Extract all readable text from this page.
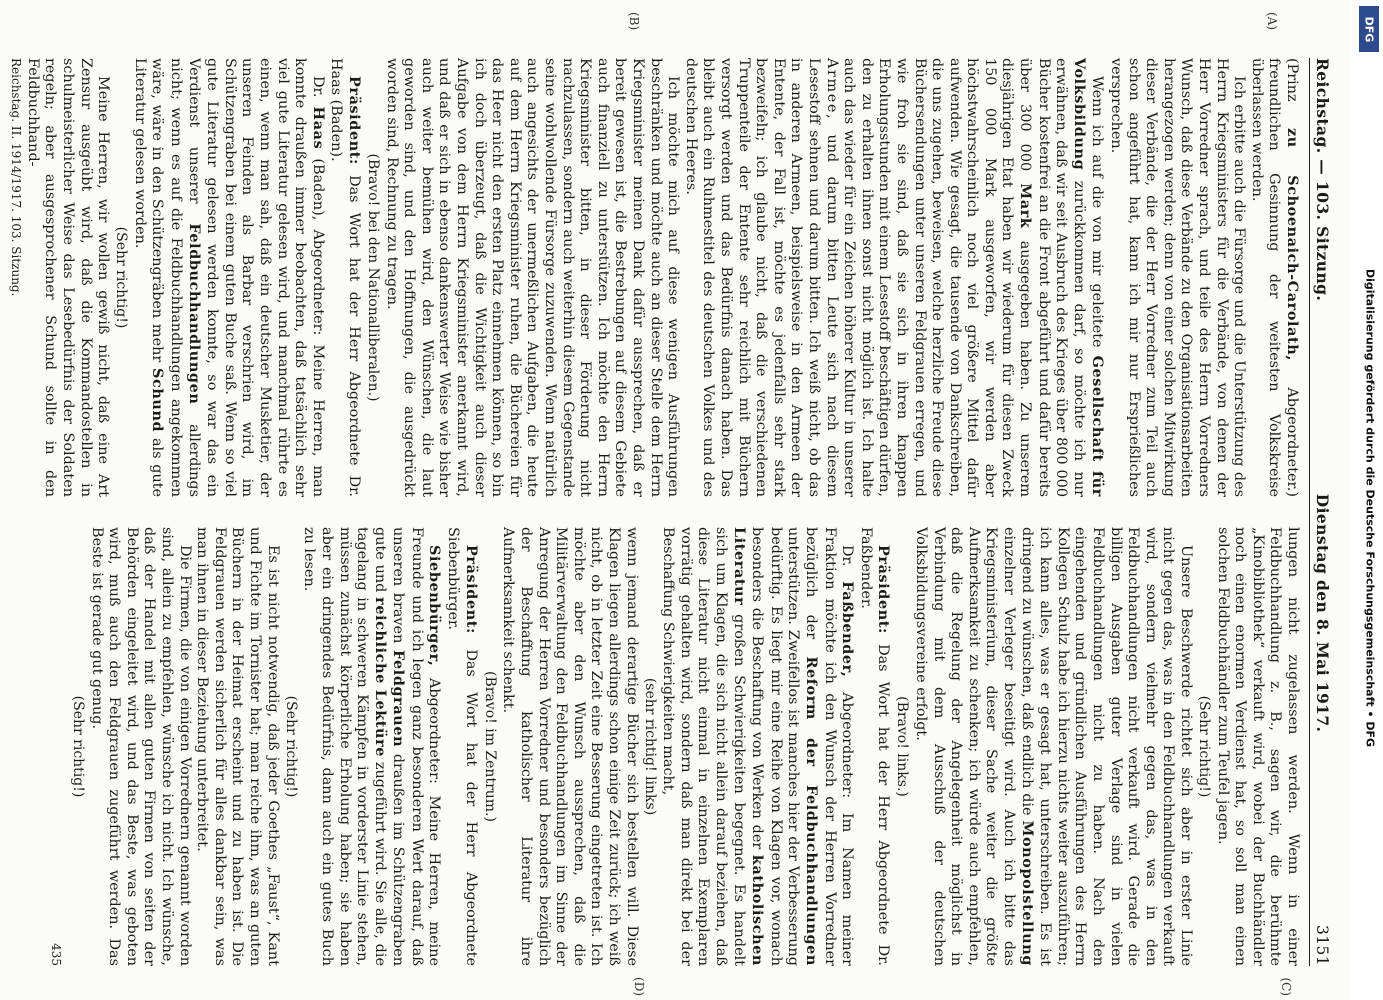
Reichstag. — 103. Sitzung.
Dienstag den 8. Mai 1917.
3151
(A)
(B)

(Prinz zu Schoenaich-Carolath, Abgeordneter.) freundlichen Gesinnung der weitesten Volkskreise überlassen werden.

Ich erbitte auch die Fürsorge und die Unterstützung des Herrn Kriegsministers für die Verbände, von denen der Herr Vorredner sprach, und teile des Herrn Vorredners Wunsch, daß diese Verbände zu den Organisationsarbeiten herangezogen werden; denn von einer solchen Mitwirkung dieser Verbände, die der Herr Vorredner zum Teil auch schon angeführt hat, kann ich mir nur Ersprießliches versprechen.

Wenn ich auf die von mir geleitete Gesellschaft für Volksbildung zurückkommen darf, so möchte ich nur erwähnen, daß wir seit Ausbruch des Krieges über 800 000 Bücher kostenfrei an die Front abgeführt und dafür bereits über 300 000 Mark ausgegeben haben. Zu unserem diesjährigen Etat haben wir wiederum für diesen Zweck 150 000 Mark ausgeworfen, wir werden aber höchstwahrscheinlich noch viel größere Mittel dafür aufwenden. Wie gesagt, die tausende von Dankschreiben, die uns zugehen, beweisen, welche herzliche Freude diese Büchersendungen unter unseren Feldgrauen erregen, und wie froh sie sind, daß sie sich in ihren knappen Erholungsstunden mit einem Lesestoff beschäftigen dürfen, den zu erhalten ihnen sonst nicht möglich ist. Ich halte auch das wieder für ein Zeichen höherer Kultur in unserer Armee, und darum bitten Leute sich nach diesem Lesestoff sehnen und darum bitten. Ich weiß nicht, ob das in anderen Armeen, beispielsweise in den Armeen der Entente, der Fall ist, möchte es jedenfalls sehr stark bezweifeln; ich glaube nicht, daß die verschiedenen Truppenteile der Entente sehr reichlich mit Büchern versorgt werden und das Bedürfnis danach haben. Das bleibt auch ein Ruhmestitel des deutschen Volkes und des deutschen Heeres.

Ich möchte mich auf diese wenigen Ausführungen beschränken und möchte auch an dieser Stelle dem Herrn Kriegsminister meinen Dank dafür aussprechen, daß er bereit gewesen ist, die Bestrebungen auf diesem Gebiete auch finanziell zu unterstützen. Ich möchte den Herrn Kriegsminister bitten, in dieser Förderung nicht nachzulassen, sondern auch weiterhin diesem Gegenstande seine wohlwollende Fürsorge zuzuwenden. Wenn natürlich auch angesichts der unermeßlichen Aufgaben, die heute auf dem Herrn Kriegsminister ruhen, die Büchereien für das Heer nicht den ersten Platz einnehmen können, so bin ich doch überzeugt, daß die Wichtigkeit auch dieser Aufgabe von dem Herrn Kriegsminister anerkannt wird, und daß er sich in ebenso dankenswerter Weise wie bisher auch weiter bemühen wird, den Wünschen, die laut geworden sind, und den Hoffnungen, die ausgedrückt worden sind, Rechnung zu tragen.

(Bravo! bei den Nationalliberalen.)

Präsident: Das Wort hat der Herr Abgeordnete Dr. Haas (Baden).

Dr. Haas (Baden), Abgeordneter: Meine Herren, man konnte draußen immer beobachten, daß tatsächlich sehr viel gute Literatur gelesen wird, und manchmal rührte es einen, wenn man sah, daß ein deutscher Musketier, der unseren Feinden als Barbar verschrien wird, im Schützengraben bei einem guten Buche saß. Wenn so viel gute Literatur gelesen werden konnte, so war das ein Verdienst unserer Feldbuchhandlungen allerdings nicht; wenn es auf die Feldbuchhandlungen angekommen wäre, wäre in den Schützengräben mehr Schund als gute Literatur gelesen worden.

(Sehr richtig!)

Meine Herren, wir wollen gewiß nicht, daß eine Art Zensur ausgeübt wird, daß die Kommandostellen in schulmeisterlicher Weise das Lesebedürfnis der Soldaten regeln; aber ausgesprochener Schund sollte in den Feldbuchhand-

Reichstag. II. 1914/1917. 103. Sitzung.

(C)
(D)

lungen nicht zugelassen werden. Wenn in einer Feldbuchhandlung z. B., sagen wir, die berühmte „Kinobibliothek“ verkauft wird, wobei der Buchhändler noch einen enormen Verdienst hat, so soll man einen solchen Feldbuchhändler zum Teufel jagen.

(Sehr richtig!)

Unsere Beschwerde richtet sich aber in erster Linie nicht gegen das, was in den Feldbuchhandlungen verkauft wird, sondern vielmehr gegen das, was in den Feldbuchhandlungen nicht verkauft wird. Gerade die billigen Ausgaben guter Verlage sind in vielen Feldbuchhandlungen nicht zu haben. Nach den eingehenden und gründlichen Ausführungen des Herrn Kollegen Schulz habe ich hierzu nichts weiter auszuführen; ich kann alles, was er gesagt hat, unterschreiben. Es ist dringend zu wünschen, daß endlich die Monopolstellung einzelner Verleger beseitigt wird. Auch ich bitte das Kriegsministerium, dieser Sache weiter die größte Aufmerksamkeit zu schenken; ich würde auch empfehlen, daß die Regelung der Angelegenheit möglichst in Verbindung mit dem Ausschuß der deutschen Volksbildungsvereine erfolgt.

(Bravo! links.)

Präsident: Das Wort hat der Herr Abgeordnete Dr. Faßbender.

Dr. Faßbender, Abgeordneter: Im Namen meiner Fraktion möchte ich den Wunsch der Herren Vorredner bezüglich der Reform der Feldbuchhandlungen unterstützen. Zweifellos ist manches hier der Verbesserung bedürftig. Es liegt mir eine Reihe von Klagen vor, wonach besonders die Beschaffung von Werken der katholischen Literatur großen Schwierigkeiten begegnet. Es handelt sich um Klagen, die sich nicht allein darauf beziehen, daß diese Literatur nicht einmal in einzelnen Exemplaren vorrätig gehalten wird, sondern daß man direkt bei der Beschaffung Schwierigkeiten macht,

(sehr richtig! links)

wenn jemand derartige Bücher sich bestellen will. Diese Klagen liegen allerdings schon einige Zeit zurück; ich weiß nicht, ob in letzter Zeit eine Besserung eingetreten ist. Ich möchte aber den Wunsch aussprechen, daß die Militärverwaltung den Feldbuchhandlungen im Sinne der Anregung der Herren Vorredner und besonders bezüglich der Beschaffung katholischer Literatur ihre Aufmerksamkeit schenkt.

(Bravo! im Zentrum.)

Präsident: Das Wort hat der Herr Abgeordnete Siebenbürger.

Siebenbürger, Abgeordneter: Meine Herren, meine Freunde und ich legen ganz besonderen Wert darauf, daß unseren braven Feldgrauen draußen im Schützengraben gute und reichliche Lektüre zugeführt wird. Sie alle, die tagelang in schweren Kämpfen in vorderster Linie stehen, müssen zunächst körperliche Erholung haben; sie haben aber ein dringendes Bedürfnis, dann auch ein gutes Buch zu lesen.

(Sehr richtig!)

Es ist nicht notwendig, daß jeder Goethes „Faust“, Kant und Fichte im Tornister hat; man reiche ihm, was an guten Büchern in der Heimat erscheint und zu haben ist. Die Feldgrauen werden sicherlich für alles dankbar sein, was man ihnen in dieser Beziehung unterbreitet.

Die Firmen, die von einigen Vorrednern genannt worden sind, allein zu empfehlen, wünsche ich nicht. Ich wünsche, daß der Handel mit allen guten Firmen von seiten der Behörden eingeleitet wird, und das Beste, was geboten wird, muß auch den Feldgrauen zugeführt werden. Das Beste ist gerade gut genug.

(Sehr richtig!)

435

DFG
Digitalisierung gefördert durch die Deutsche Forschungsgemeinschaft • DFG
